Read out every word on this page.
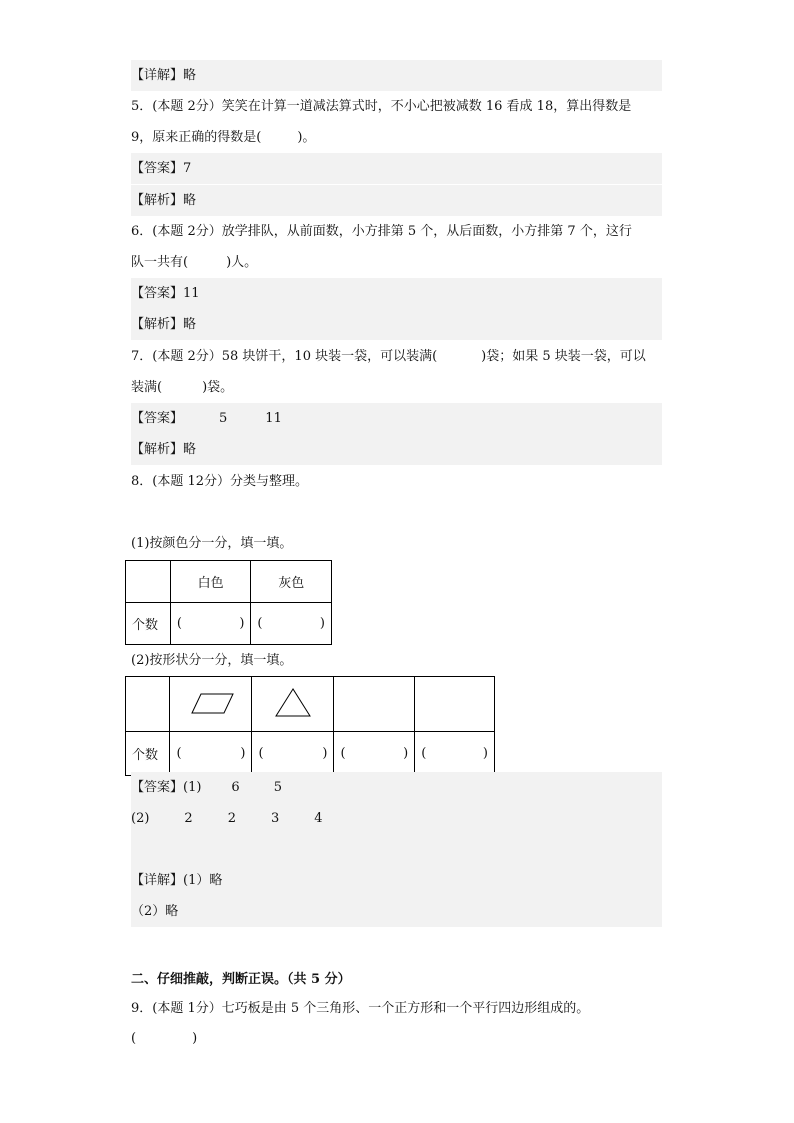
【详解】略
5．(本题 2分）笑笑在计算一道减法算式时，不小心把被减数 16 看成 18，算出得数是
9，原来正确的得数是(	)。
【答案】7
【解析】略
6．(本题 2分）放学排队，从前面数，小方排第 5 个，从后面数，小方排第 7 个，这行
队一共有(	)人。
【答案】11
【解析】略
7．(本题 2分）58 块饼干，10 块装一袋，可以装满(	)袋；如果 5 块装一袋，可以
装满(	)袋。
【答案】	5	11
【解析】略
8．(本题 12分）分类与整理。
(1)按颜色分一分，填一填。
	白色	灰色
个数	( )	( )
(2)按形状分一分，填一填。

个数	( )	( )	( )	( )
【答案】(1) 6	5
(2)	2	2	3	4
【详解】(1）略
（2）略
二、仔细推敲，判断正误。（共 5 分）
9．(本题 1分）七巧板是由 5 个三角形、一个正方形和一个平行四边形组成的。
(	)
